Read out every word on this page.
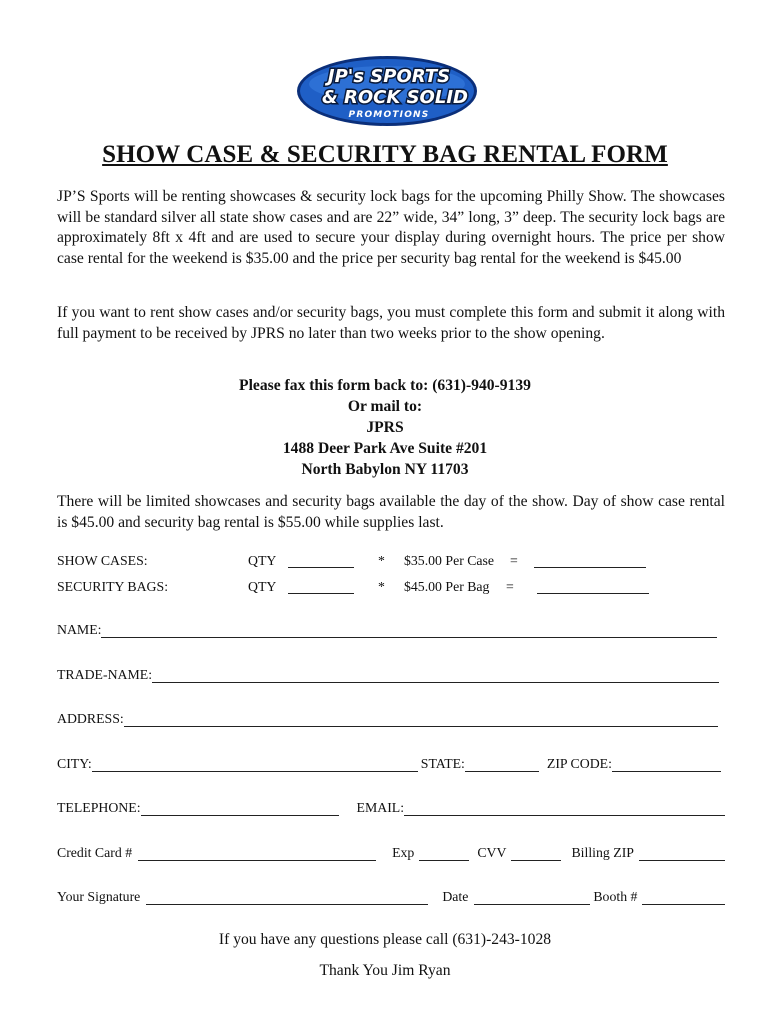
JP's SPORTS
& ROCK SOLID
PROMOTIONS
SHOW CASE & SECURITY BAG RENTAL FORM

JP’S Sports will be renting showcases & security lock bags for the upcoming Philly Show. The showcases will be standard silver all state show cases and are 22” wide, 34” long, 3” deep. The security lock bags are approximately 8ft x 4ft and are used to secure your display during overnight hours. The price per show case rental for the weekend is $35.00 and the price per security bag rental for the weekend is $45.00

If you want to rent show cases and/or security bags, you must complete this form and submit it along with full payment to be received by JPRS no later than two weeks prior to the show opening.

Please fax this form back to: (631)-940-9139
Or mail to:
JPRS
1488 Deer Park Ave Suite #201
North Babylon NY 11703

There will be limited showcases and security bags available the day of the show. Day of show case rental is $45.00 and security bag rental is $55.00 while supplies last.

SHOW CASES:	QTY	* $35.00 Per Case =
SECURITY BAGS:	QTY	* $45.00 Per Bag =
NAME:
TRADE-NAME:
ADDRESS:
CITY:	STATE:	ZIP CODE:
TELEPHONE:	EMAIL:
Credit Card #	Exp	CVV	Billing ZIP
Your Signature	Date	Booth #
If you have any questions please call (631)-243-1028
Thank You Jim Ryan
